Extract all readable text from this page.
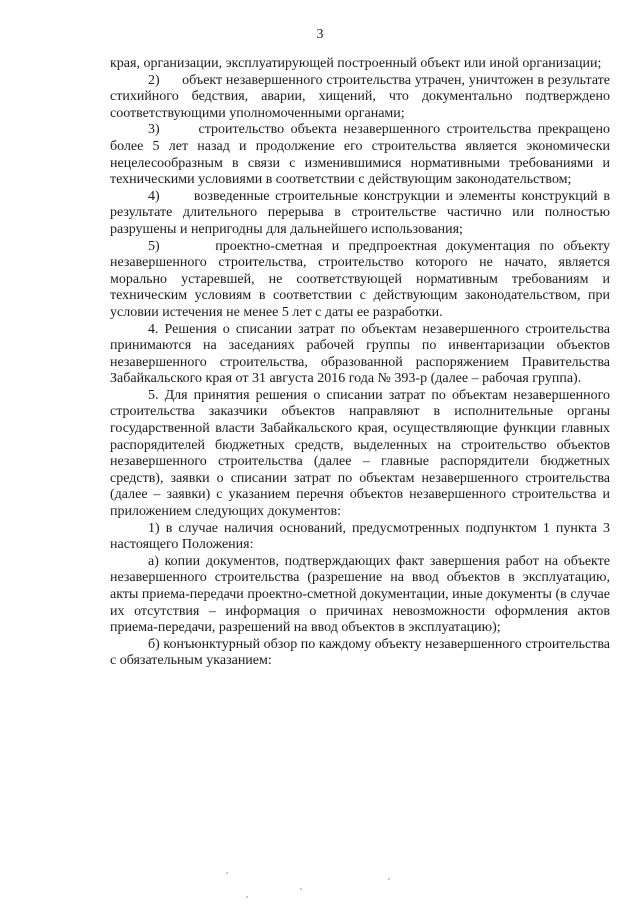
3

края, организации, эксплуатирующей построенный объект или иной организации;

2)      объект незавершенного строительства утрачен, уничтожен в результате стихийного бедствия, аварии, хищений, что документально подтверждено соответствующими уполномоченными органами;

3)      строительство объекта незавершенного строительства прекращено более 5 лет назад и продолжение его строительства является экономически нецелесообразным в связи с изменившимися нормативными требованиями и техническими условиями в соответствии с действующим законодательством;

4)      возведенные строительные конструкции и элементы конструкций в результате длительного перерыва в строительстве частично или полностью разрушены и непригодны для дальнейшего использования;

5)      проектно-сметная и предпроектная документация по объекту незавершенного строительства, строительство которого не начато, является морально устаревшей, не соответствующей нормативным требованиям и техническим условиям в соответствии с действующим законодательством, при условии истечения не менее 5 лет с даты ее разработки.

4. Решения о списании затрат по объектам незавершенного строительства принимаются на заседаниях рабочей группы по инвентаризации объектов незавершенного строительства, образованной распоряжением Правительства Забайкальского края от 31 августа 2016 года № 393-р (далее – рабочая группа).

5. Для принятия решения о списании затрат по объектам незавершенного строительства заказчики объектов направляют в исполнительные органы государственной власти Забайкальского края, осуществляющие функции главных распорядителей бюджетных средств, выделенных на строительство объектов незавершенного строительства (далее – главные распорядители бюджетных средств), заявки о списании затрат по объектам незавершенного строительства (далее – заявки) с указанием перечня объектов незавершенного строительства и приложением следующих документов:

1) в случае наличия оснований, предусмотренных подпунктом 1 пункта 3 настоящего Положения:

а) копии документов, подтверждающих факт завершения работ на объекте незавершенного строительства (разрешение на ввод объектов в эксплуатацию, акты приема-передачи проектно-сметной документации, иные документы (в случае их отсутствия – информация о причинах невозможности оформления актов приема-передачи, разрешений на ввод объектов в эксплуатацию);

б) конъюнктурный обзор по каждому объекту незавершенного строительства с обязательным указанием:
